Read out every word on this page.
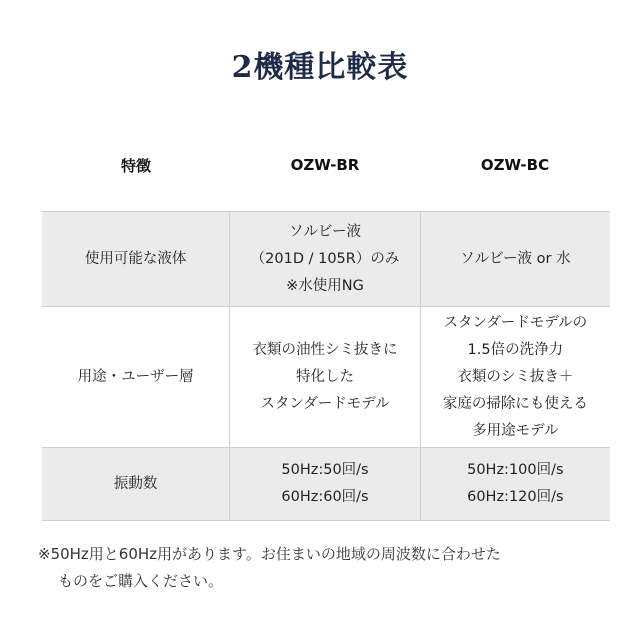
2機種比較表
特徴	OZW-BR	OZW-BC
使用可能な液体
ソルビー液
（201D / 105R）のみ
※水使用NG
ソルビー液 or 水
用途・ユーザー層
衣類の油性シミ抜きに
特化した
スタンダードモデル
スタンダードモデルの
1.5倍の洗浄力
衣類のシミ抜き＋
家庭の掃除にも使える
多用途モデル
振動数
50Hz:50回/s
60Hz:60回/s
50Hz:100回/s
60Hz:120回/s
※50Hz用と60Hz用があります。お住まいの地域の周波数に合わせた
ものをご購入ください。
